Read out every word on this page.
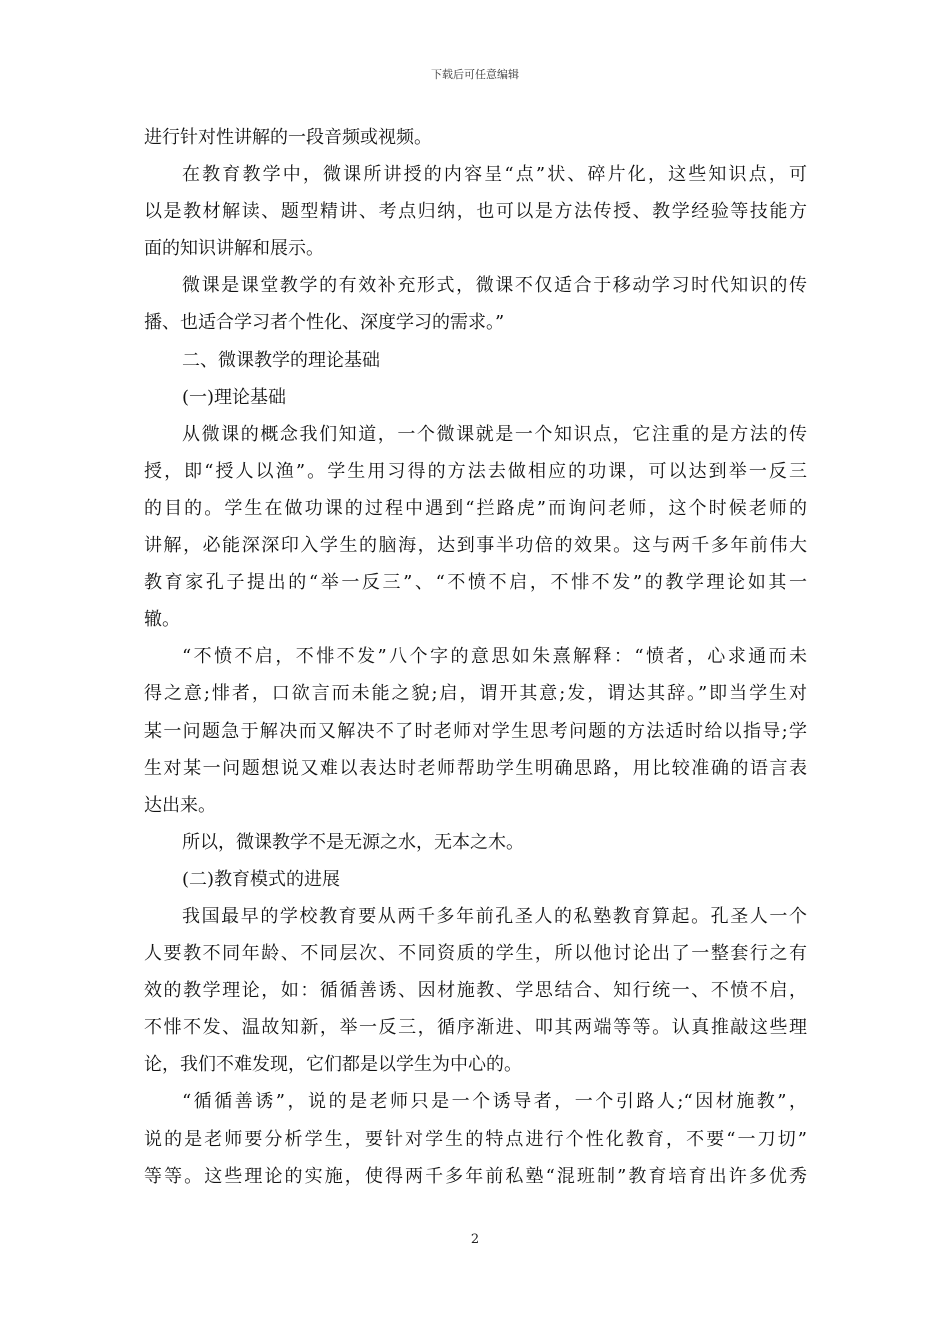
下载后可任意编辑
进行针对性讲解的一段音频或视频。
在教育教学中，微课所讲授的内容呈“点”状、碎片化，这些知识点，可
以是教材解读、题型精讲、考点归纳，也可以是方法传授、教学经验等技能方
面的知识讲解和展示。
微课是课堂教学的有效补充形式，微课不仅适合于移动学习时代知识的传
播、也适合学习者个性化、深度学习的需求。”
二、微课教学的理论基础
(一)理论基础
从微课的概念我们知道，一个微课就是一个知识点，它注重的是方法的传
授，即“授人以渔”。学生用习得的方法去做相应的功课，可以达到举一反三
的目的。学生在做功课的过程中遇到“拦路虎”而询问老师，这个时候老师的
讲解，必能深深印入学生的脑海，达到事半功倍的效果。这与两千多年前伟大
教育家孔子提出的“举一反三”、“不愤不启，不悱不发”的教学理论如其一
辙。
“不愤不启，不悱不发”八个字的意思如朱熹解释：“愤者，心求通而未
得之意;悱者，口欲言而未能之貌;启，谓开其意;发，谓达其辞。”即当学生对
某一问题急于解决而又解决不了时老师对学生思考问题的方法适时给以指导;学
生对某一问题想说又难以表达时老师帮助学生明确思路，用比较准确的语言表
达出来。
所以，微课教学不是无源之水，无本之木。
(二)教育模式的进展
我国最早的学校教育要从两千多年前孔圣人的私塾教育算起。孔圣人一个
人要教不同年龄、不同层次、不同资质的学生，所以他讨论出了一整套行之有
效的教学理论，如：循循善诱、因材施教、学思结合、知行统一、不愤不启，
不悱不发、温故知新，举一反三，循序渐进、叩其两端等等。认真推敲这些理
论，我们不难发现，它们都是以学生为中心的。
“循循善诱”，说的是老师只是一个诱导者，一个引路人;“因材施教”，
说的是老师要分析学生，要针对学生的特点进行个性化教育，不要“一刀切”
等等。这些理论的实施，使得两千多年前私塾“混班制”教育培育出许多优秀
2
